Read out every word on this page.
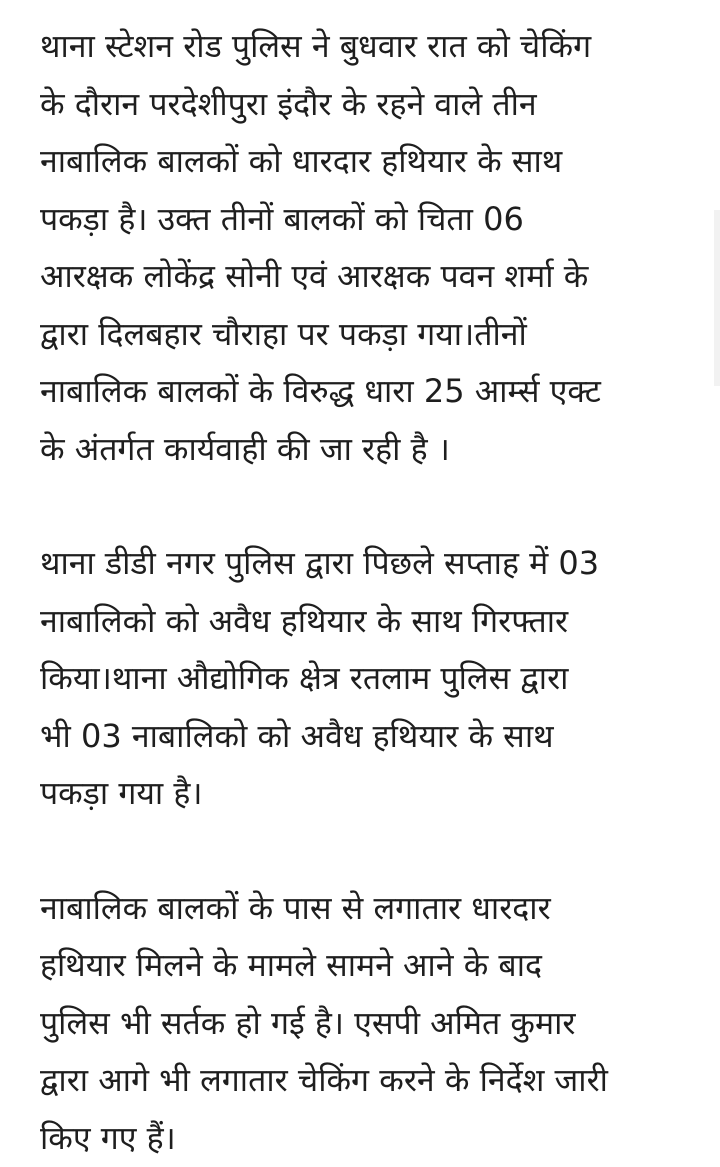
थाना स्टेशन रोड पुलिस ने बुधवार रात को चेकिंग
के दौरान परदेशीपुरा इंदौर के रहने वाले तीन
नाबालिक बालकों को धारदार हथियार के साथ
पकड़ा है। उक्त तीनों बालकों को चिता 06
आरक्षक लोकेंद्र सोनी एवं आरक्षक पवन शर्मा के
द्वारा दिलबहार चौराहा पर पकड़ा गया।तीनों
नाबालिक बालकों के विरुद्ध धारा 25 आर्म्स एक्ट
के अंतर्गत कार्यवाही की जा रही है ।

थाना डीडी नगर पुलिस द्वारा पिछले सप्ताह में 03
नाबालिको को अवैध हथियार के साथ गिरफ्तार
किया।थाना औद्योगिक क्षेत्र रतलाम पुलिस द्वारा
भी 03 नाबालिको को अवैध हथियार के साथ
पकड़ा गया है।

नाबालिक बालकों के पास से लगातार धारदार
हथियार मिलने के मामले सामने आने के बाद
पुलिस भी सर्तक हो गई है। एसपी अमित कुमार
द्वारा आगे भी लगातार चेकिंग करने के निर्देश जारी
किए गए हैं।
